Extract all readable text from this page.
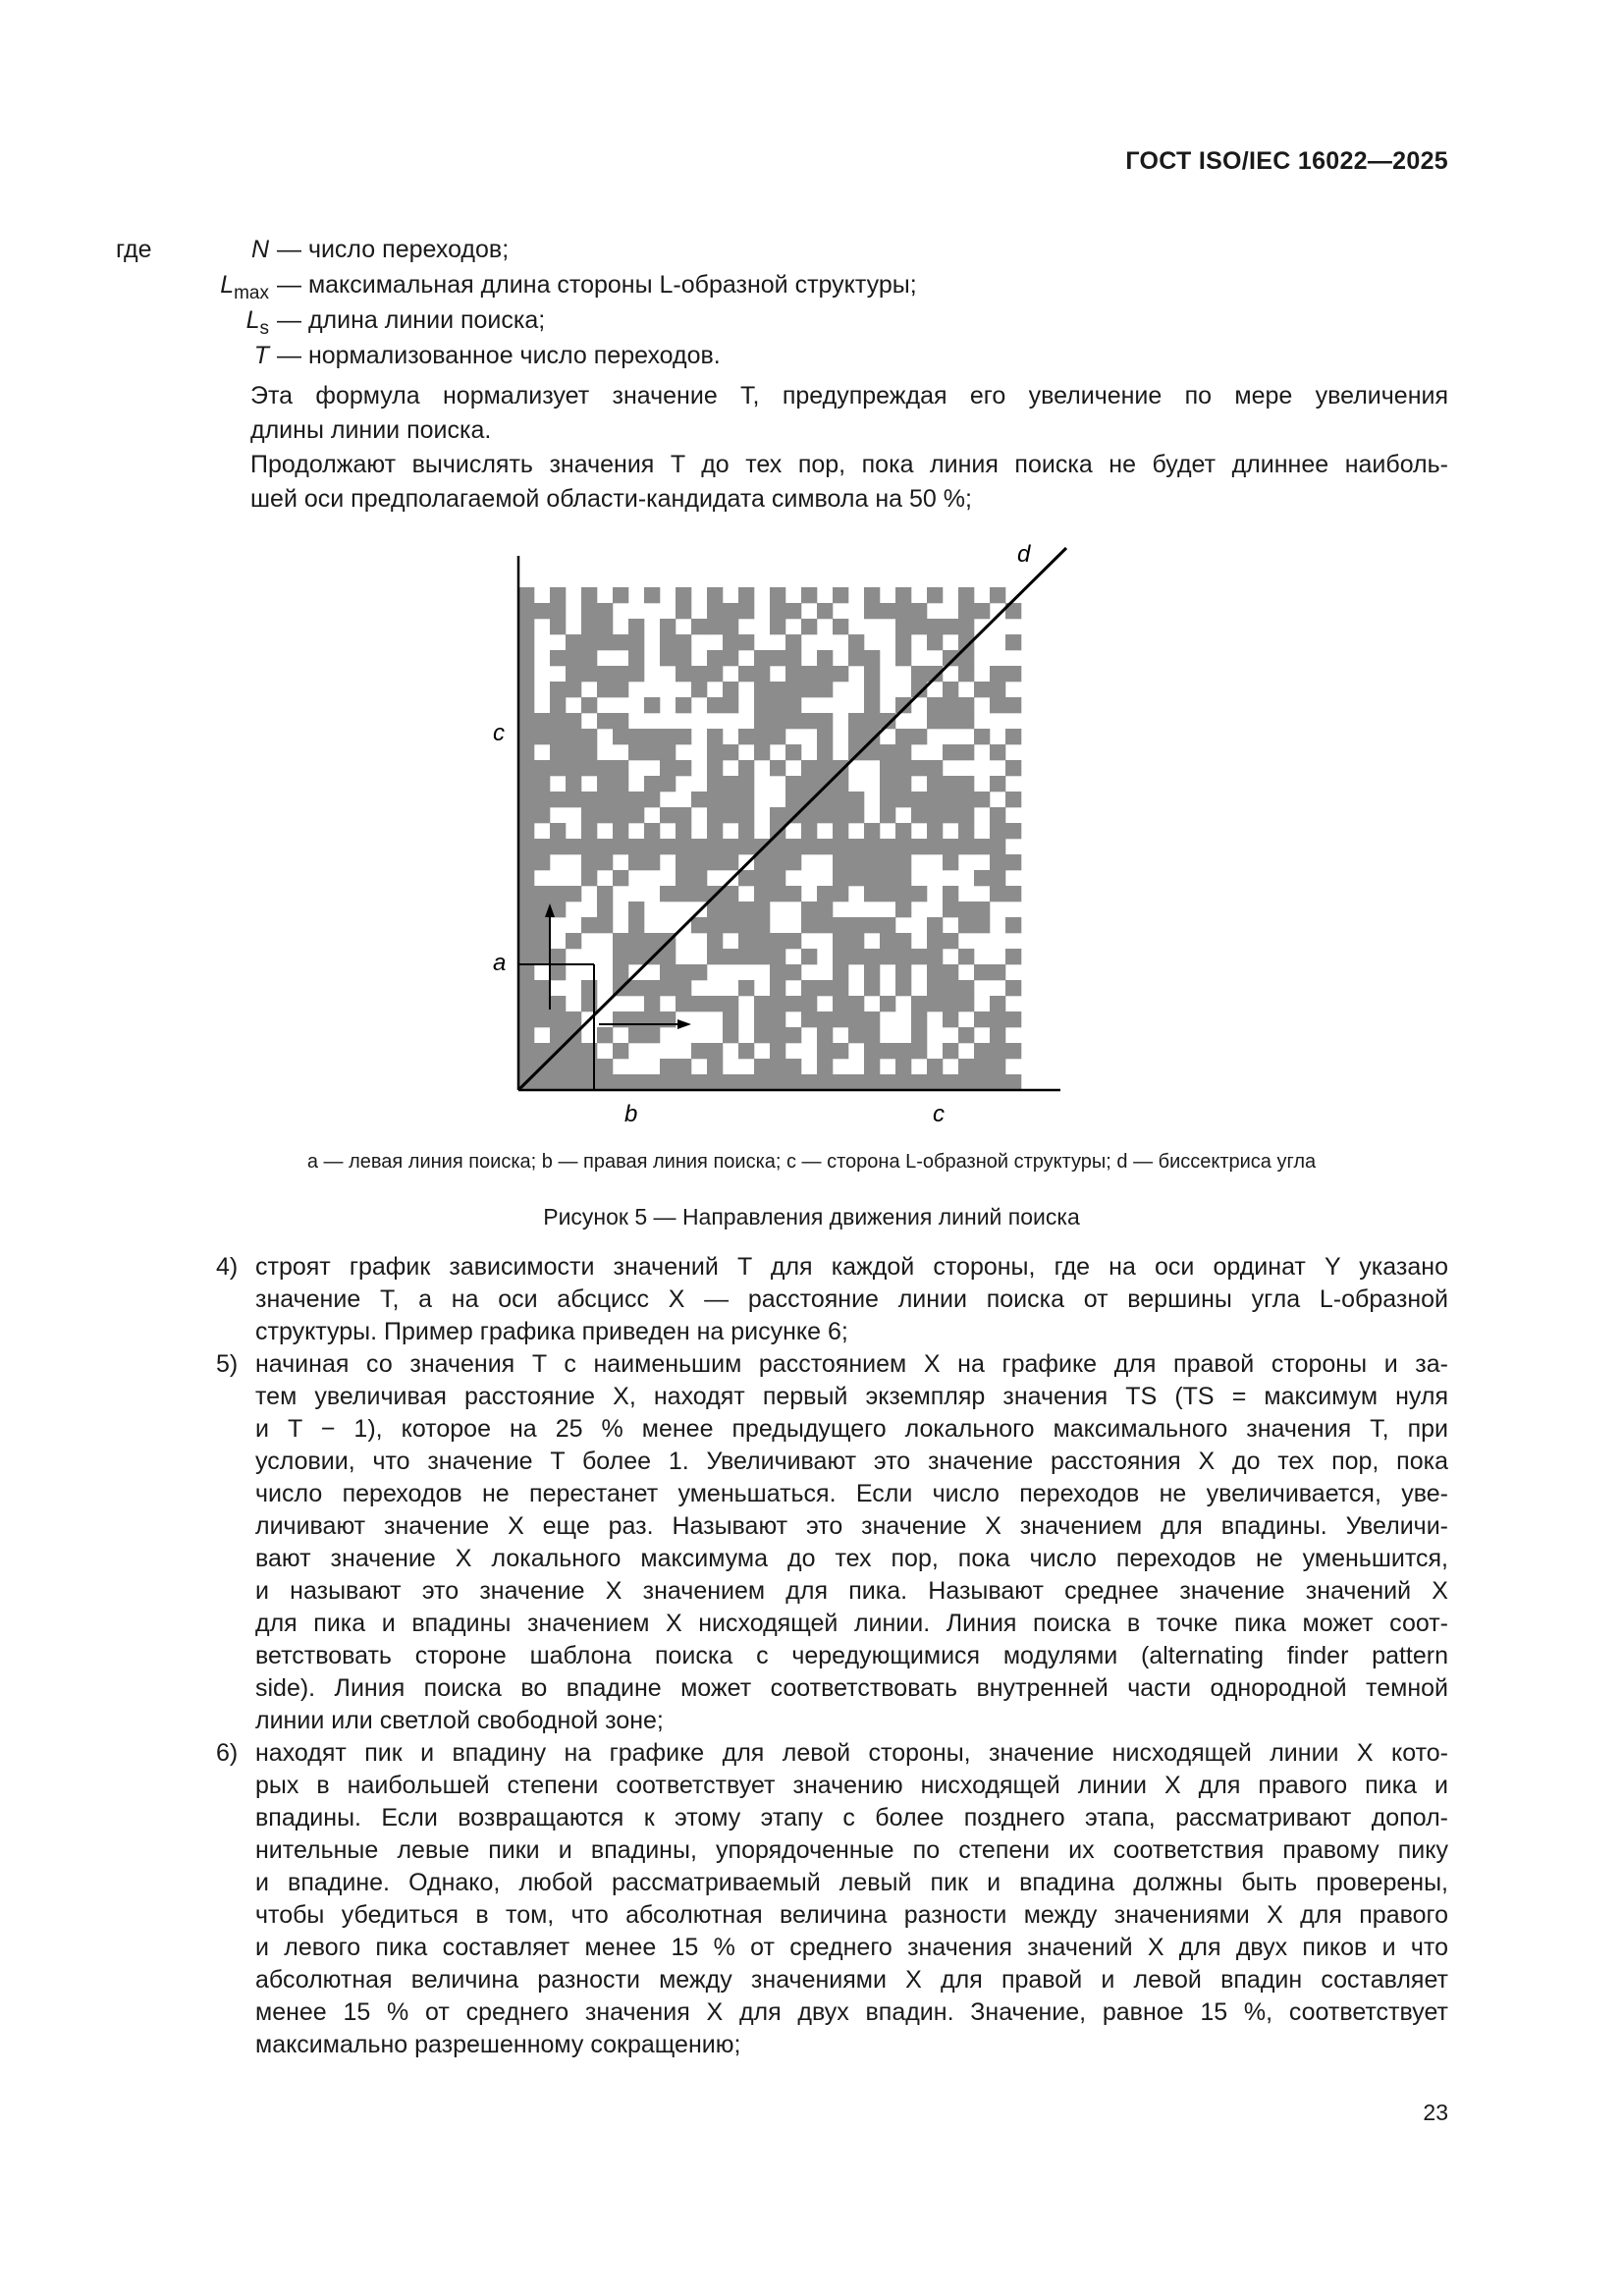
ГОСТ ISO/IEC 16022—2025
где	N — число переходов;
$L_{max}$ — максимальная длина стороны L-образной структуры;
$L_s$ — длина линии поиска;
T — нормализованное число переходов.
Эта формула нормализует значение T, предупреждая его увеличение по мере увеличения
длины линии поиска.
Продолжают вычислять значения T до тех пор, пока линия поиска не будет длиннее наиболь-
шей оси предполагаемой области-кандидата символа на 50 %;
c
a
b	c
d
a — левая линия поиска; b — правая линия поиска; c — сторона L-образной структуры; d — биссектриса угла
Рисунок 5 — Направления движения линий поиска
4) строят график зависимости значений T для каждой стороны, где на оси ординат Y указано
значение T, а на оси абсцисс X — расстояние линии поиска от вершины угла L-образной
структуры. Пример графика приведен на рисунке 6;
5) начиная со значения T с наименьшим расстоянием X на графике для правой стороны и за-
тем увеличивая расстояние X, находят первый экземпляр значения TS (TS = максимум нуля
и T − 1), которое на 25 % менее предыдущего локального максимального значения T, при
условии, что значение T более 1. Увеличивают это значение расстояния X до тех пор, пока
число переходов не перестанет уменьшаться. Если число переходов не увеличивается, уве-
личивают значение X еще раз. Называют это значение X значением для впадины. Увеличи-
вают значение X локального максимума до тех пор, пока число переходов не уменьшится,
и называют это значение X значением для пика. Называют среднее значение значений X
для пика и впадины значением X нисходящей линии. Линия поиска в точке пика может соот-
ветствовать стороне шаблона поиска с чередующимися модулями (alternating finder pattern
side). Линия поиска во впадине может соответствовать внутренней части однородной темной
линии или светлой свободной зоне;
6) находят пик и впадину на графике для левой стороны, значение нисходящей линии X кото-
рых в наибольшей степени соответствует значению нисходящей линии X для правого пика и
впадины. Если возвращаются к этому этапу с более позднего этапа, рассматривают допол-
нительные левые пики и впадины, упорядоченные по степени их соответствия правому пику
и впадине. Однако, любой рассматриваемый левый пик и впадина должны быть проверены,
чтобы убедиться в том, что абсолютная величина разности между значениями X для правого
и левого пика составляет менее 15 % от среднего значения значений X для двух пиков и что
абсолютная величина разности между значениями X для правой и левой впадин составляет
менее 15 % от среднего значения X для двух впадин. Значение, равное 15 %, соответствует
максимально разрешенному сокращению;
23
